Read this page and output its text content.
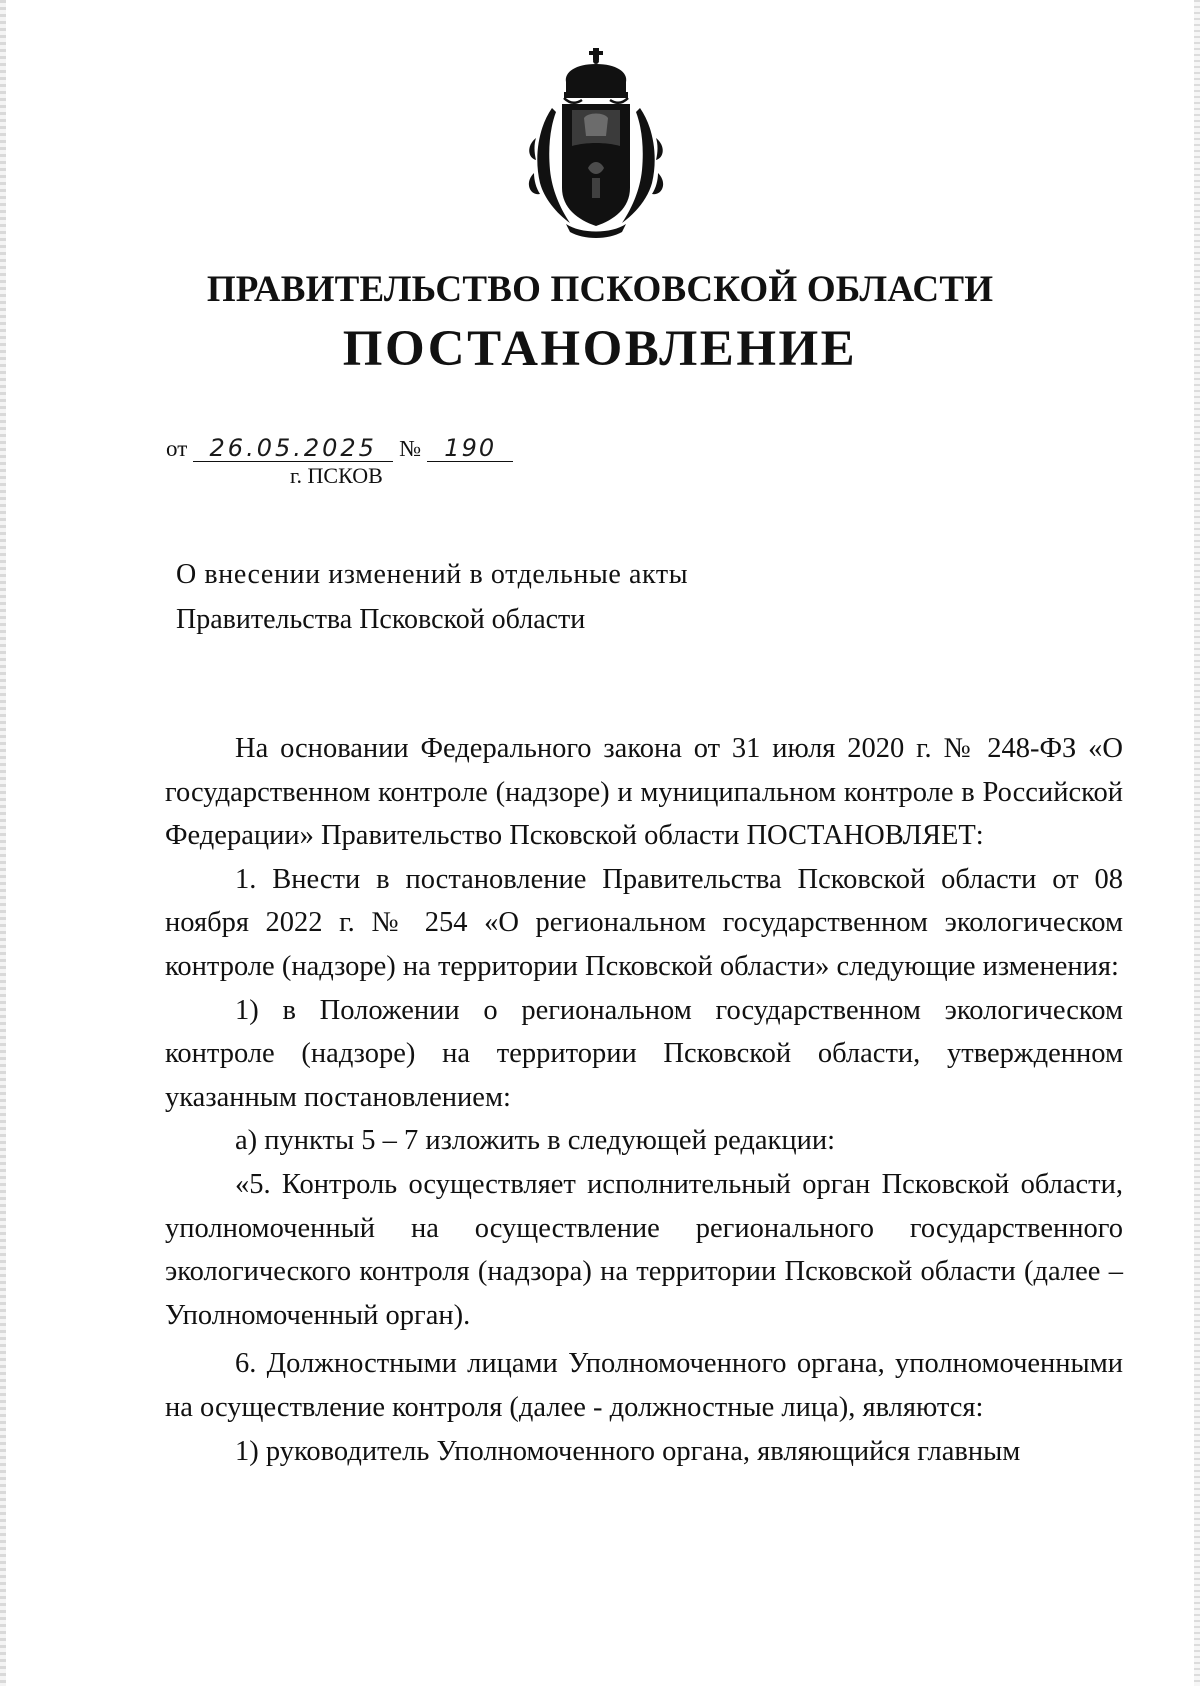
ПРАВИТЕЛЬСТВО ПСКОВСКОЙ ОБЛАСТИ
ПОСТАНОВЛЕНИЕ
от 26.05.2025 № 190
г. ПСКОВ
О внесении изменений в отдельные акты
Правительства Псковской области

На основании Федерального закона от 31 июля 2020 г. № 248-ФЗ «О государственном контроле (надзоре) и муниципальном контроле в Российской Федерации» Правительство Псковской области ПОСТАНОВЛЯЕТ:

1. Внести в постановление Правительства Псковской области от 08 ноября 2022 г. № 254 «О региональном государственном экологическом контроле (надзоре) на территории Псковской области» следующие изменения:

1) в Положении о региональном государственном экологическом контроле (надзоре) на территории Псковской области, утвержденном указанным постановлением:

а) пункты 5 – 7 изложить в следующей редакции:

«5. Контроль осуществляет исполнительный орган Псковской области, уполномоченный на осуществление регионального государственного экологического контроля (надзора) на территории Псковской области (далее – Уполномоченный орган).

6. Должностными лицами Уполномоченного органа, уполномоченными на осуществление контроля (далее - должностные лица), являются:

1) руководитель Уполномоченного органа, являющийся главным
